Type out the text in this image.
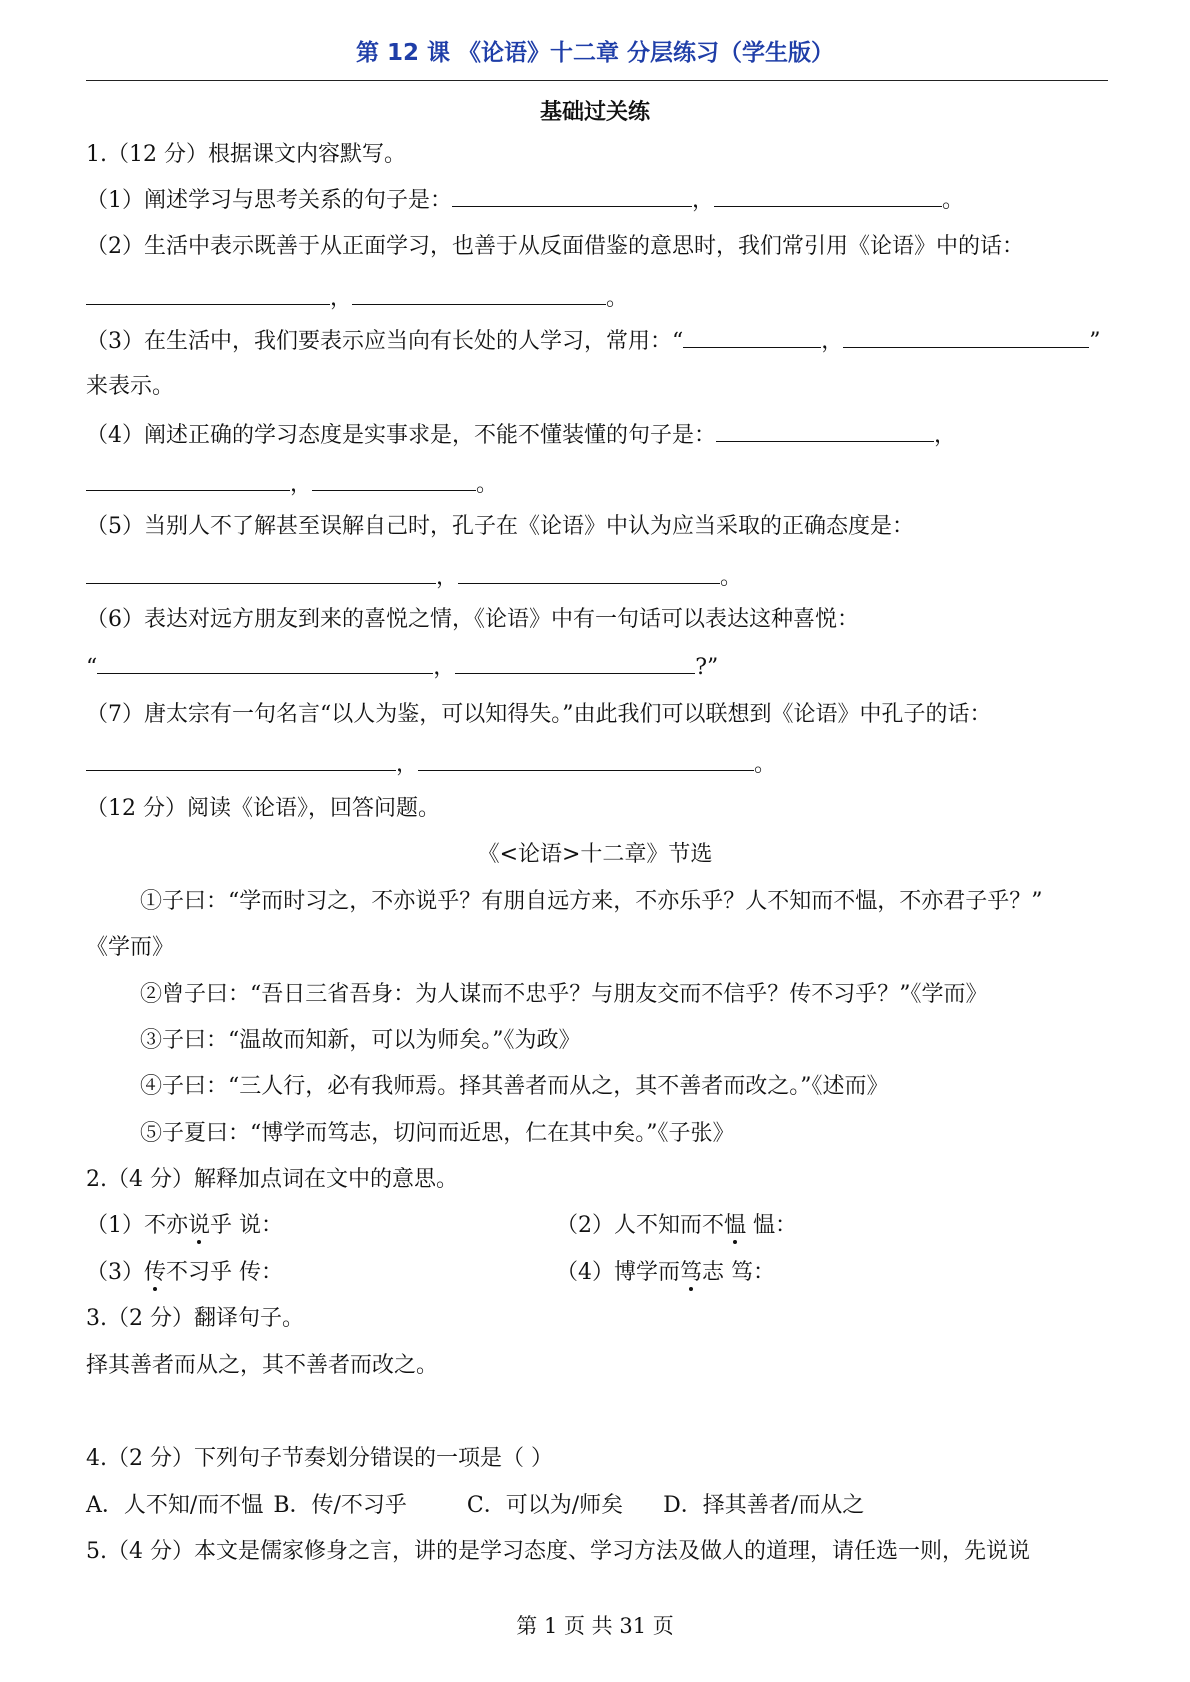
第 12 课 《论语》十二章 分层练习（学生版）
基础过关练
1.（12 分）根据课文内容默写。
（1）阐述学习与思考关系的句子是：	，	。
（2）生活中表示既善于从正面学习，也善于从反面借鉴的意思时，我们常引用《论语》中的话：
，	。
（3）在生活中，我们要表示应当向有长处的人学习，常用：“	，	”
来表示。
（4）阐述正确的学习态度是实事求是，不能不懂装懂的句子是：	，
，	。
（5）当别人不了解甚至误解自己时，孔子在《论语》中认为应当采取的正确态度是：
，	。
（6）表达对远方朋友到来的喜悦之情，《论语》中有一句话可以表达这种喜悦：
“	，	?”
（7）唐太宗有一句名言“以人为鉴，可以知得失。”由此我们可以联想到《论语》中孔子的话：
，	。
（12 分）阅读《论语》，回答问题。
《<论语>十二章》节选
①子曰：“学而时习之，不亦说乎？有朋自远方来，不亦乐乎？人不知而不愠，不亦君子乎？”
《学而》
②曾子曰：“吾日三省吾身：为人谋而不忠乎？与朋友交而不信乎？传不习乎？”《学而》
③子曰：“温故而知新，可以为师矣。”《为政》
④子曰：“三人行，必有我师焉。择其善者而从之，其不善者而改之。”《述而》
⑤子夏曰：“博学而笃志，切问而近思，仁在其中矣。”《子张》
2.（4 分）解释加点词在文中的意思。
（1）不亦说乎 说：	（2）人不知而不愠 愠：
（3）传不习乎 传：	（4）博学而笃志 笃：
3.（2 分）翻译句子。
择其善者而从之，其不善者而改之。
4.（2 分）下列句子节奏划分错误的一项是（ ）
A．人不知/而不愠 B．传/不习乎	C．可以为/师矣 D．择其善者/而从之
5.（4 分）本文是儒家修身之言，讲的是学习态度、学习方法及做人的道理，请任选一则，先说说
第 1 页 共 31 页
